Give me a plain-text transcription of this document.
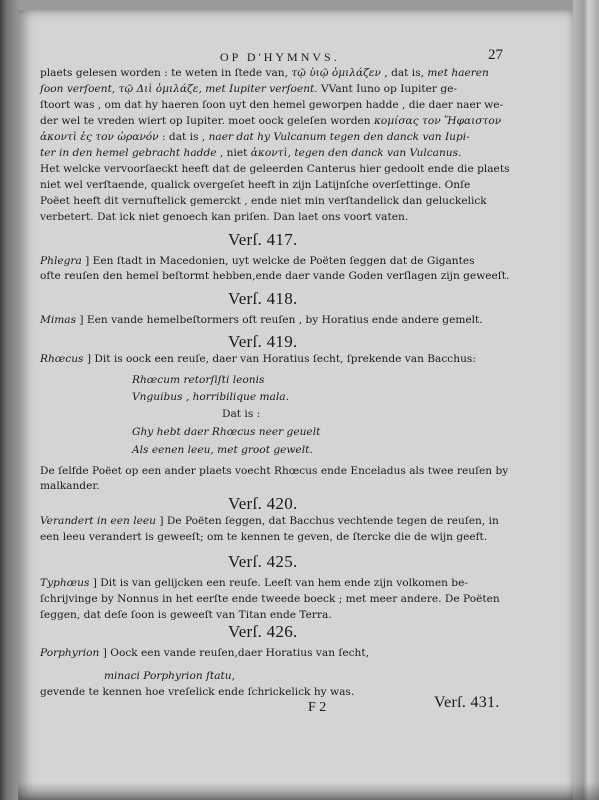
OP D'HYMNVS.	27
plaets gelesen worden : te weten in ſtede van, τῷ ὑιῷ ὁμιλάζεν , dat is, met haeren
ſoon verſoent, τῷ Διὶ ὁμιλάζε, met Iupiter verſoent. VVant Iuno op Iupiter ge-
ſtoort was , om dat hy haeren ſoon uyt den hemel geworpen hadde , die daer naer we-
der wel te vreden wiert op Iupiter. moet oock geleſen worden κομίσας τον Ἥφαιστον
ἀκοντὶ ἐς τον ὠρανόν : dat is , naer dat hy Vulcanum tegen den danck van Iupi-
ter in den hemel gebracht hadde , niet ἀκοντὶ, tegen den danck van Vulcanus.
Het welcke vervoorſaeckt heeft dat de geleerden Canterus hier gedoolt ende die plaets
niet wel verſtaende, qualick overgeſet heeft in zijn Latijnſche overſettinge. Onſe
Poëet heeft dit vernuftelick gemerckt , ende niet min verſtandelick dan geluckelick
verbetert. Dat ick niet genoech kan priſen. Dan laet ons voort vaten.
Verſ. 417.
Phlegra ] Een ſtadt in Macedonien, uyt welcke de Poëten ſeggen dat de Gigantes
ofte reuſen den hemel beſtormt hebben,ende daer vande Goden verſlagen zijn geweeſt.
Verſ. 418.
Mimas ] Een vande hemelbeſtormers oft reuſen , by Horatius ende andere gemelt.
Verſ. 419.
Rhœcus ] Dit is oock een reuſe, daer van Horatius ſecht, ſprekende van Bacchus:
Rhœcum retorſiſti leonis
Vnguibus , horribilique mala.
Dat is :
Ghy hebt daer Rhœcus neer geuelt
Als eenen leeu, met groot gewelt.
De ſelfde Poëet op een ander plaets voecht Rhœcus ende Enceladus als twee reuſen by
malkander.
Verſ. 420.
Verandert in een leeu ] De Poëten ſeggen, dat Bacchus vechtende tegen de reuſen, in
een leeu verandert is geweeſt; om te kennen te geven, de ſtercke die de wijn geeft.
Verſ. 425.
Typhœus ] Dit is van gelijcken een reuſe. Leeſt van hem ende zijn volkomen be-
ſchrijvinge by Nonnus in het eerſte ende tweede boeck ; met meer andere. De Poëten
ſeggen, dat deſe ſoon is geweeſt van Titan ende Terra.
Verſ. 426.
Porphyrion ] Oock een vande reuſen,daer Horatius van ſecht,
minaci Porphyrion ſtatu,
gevende te kennen hoe vreſelick ende ſchrickelick hy was.
F 2	Verſ. 431.
